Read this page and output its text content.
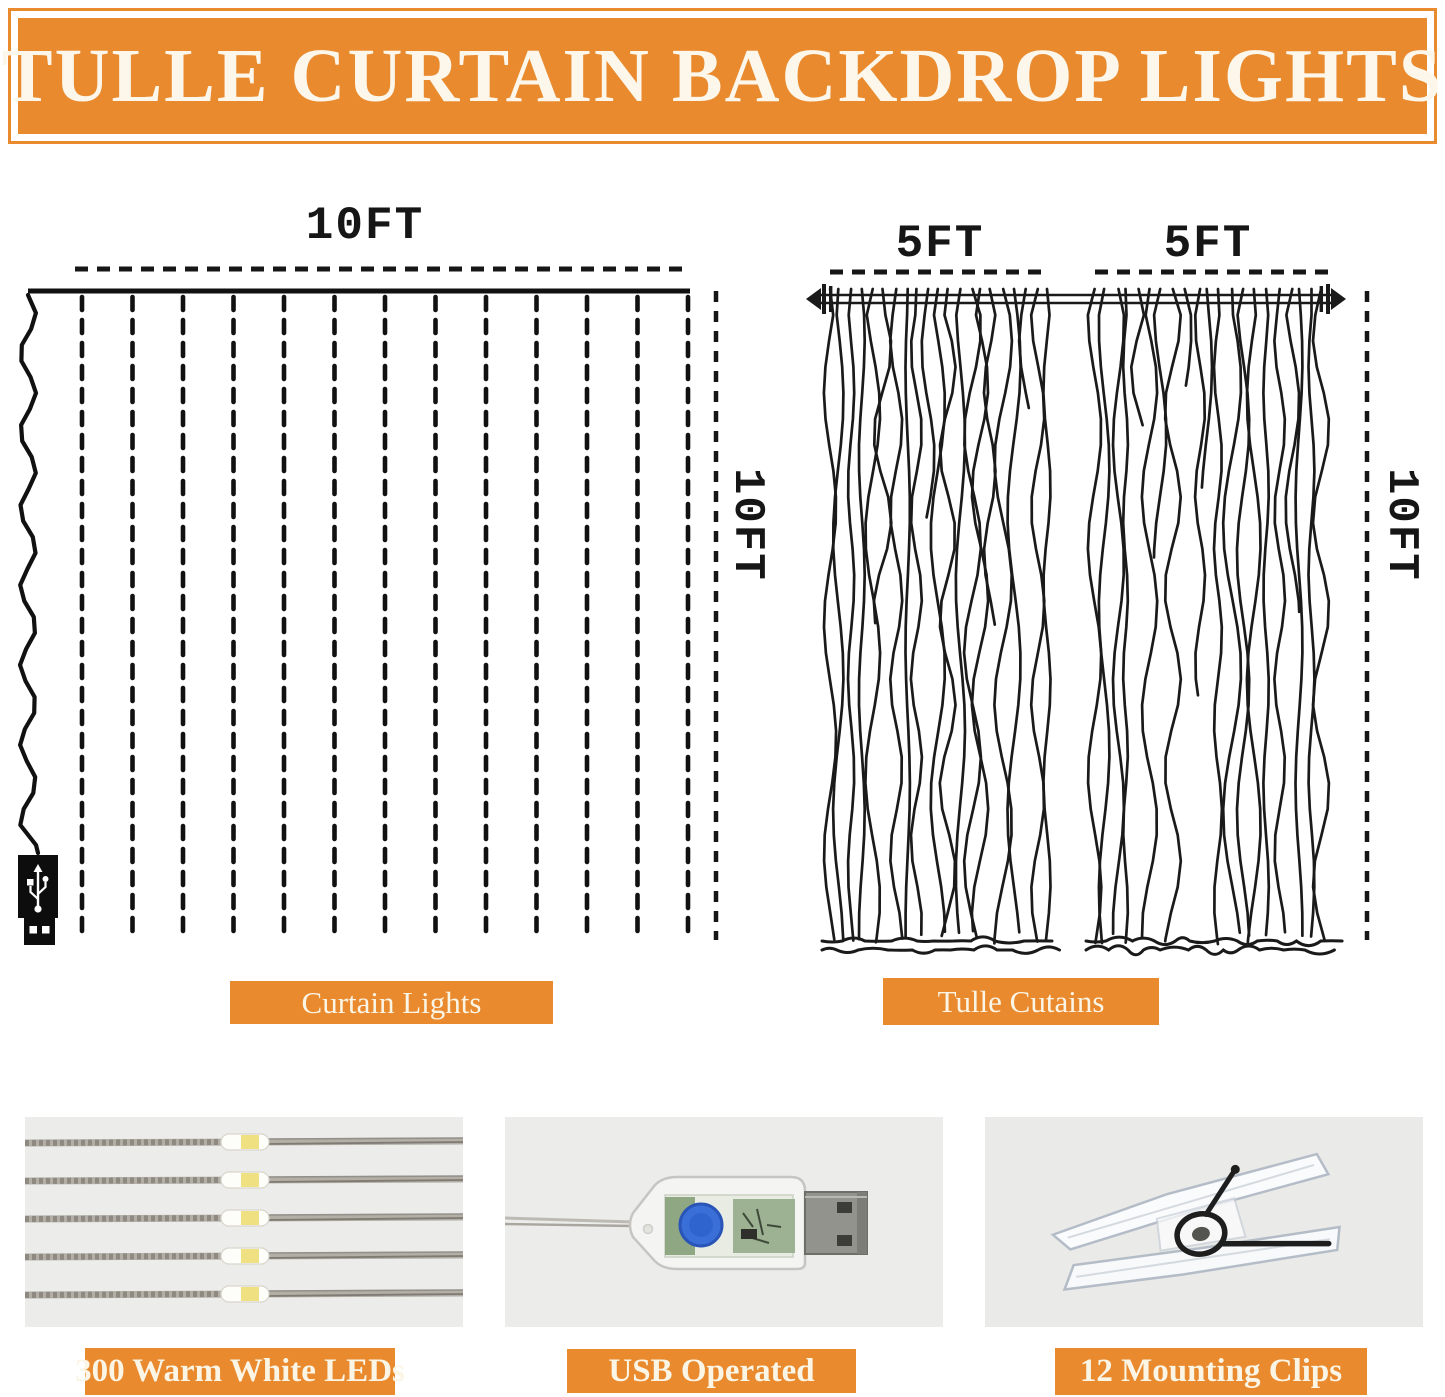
TULLE CURTAIN BACKDROP LIGHTS
10FT
10FT
5FT	5FT
10FT
Curtain Lights	Tulle Cutains
300 Warm White LEDs	USB Operated	12 Mounting Clips
